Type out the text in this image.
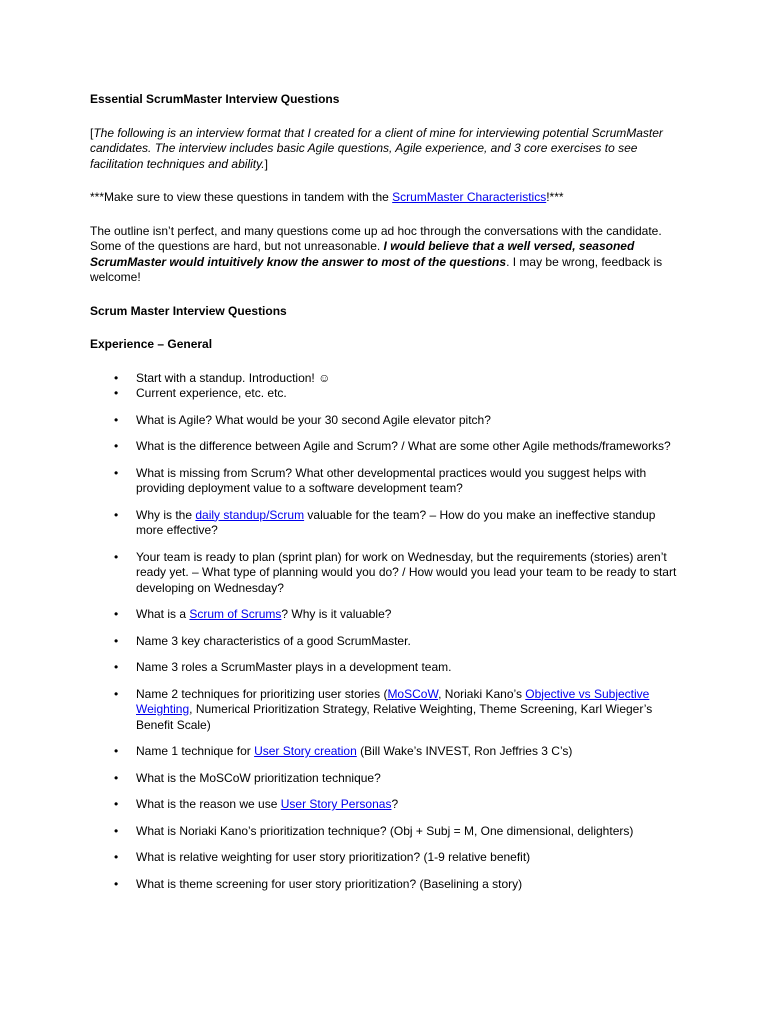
Essential ScrumMaster Interview Questions

[The following is an interview format that I created for a client of mine for interviewing potential ScrumMaster candidates. The interview includes basic Agile questions, Agile experience, and 3 core exercises to see facilitation techniques and ability.]

***Make sure to view these questions in tandem with the ScrumMaster Characteristics!***

The outline isn’t perfect, and many questions come up ad hoc through the conversations with the candidate. Some of the questions are hard, but not unreasonable. I would believe that a well versed, seasoned ScrumMaster would intuitively know the answer to most of the questions. I may be wrong, feedback is welcome!

Scrum Master Interview Questions

Experience – General

• Start with a standup. Introduction! ☺
• Current experience, etc. etc.
• What is Agile? What would be your 30 second Agile elevator pitch?
• What is the difference between Agile and Scrum? / What are some other Agile methods/frameworks?
• What is missing from Scrum? What other developmental practices would you suggest helps with providing deployment value to a software development team?
• Why is the daily standup/Scrum valuable for the team? – How do you make an ineffective standup more effective?
• Your team is ready to plan (sprint plan) for work on Wednesday, but the requirements (stories) aren’t ready yet. – What type of planning would you do? / How would you lead your team to be ready to start developing on Wednesday?
• What is a Scrum of Scrums? Why is it valuable?
• Name 3 key characteristics of a good ScrumMaster.
• Name 3 roles a ScrumMaster plays in a development team.
• Name 2 techniques for prioritizing user stories (MoSCoW, Noriaki Kano’s Objective vs Subjective Weighting, Numerical Prioritization Strategy, Relative Weighting, Theme Screening, Karl Wieger’s Benefit Scale)
• Name 1 technique for User Story creation (Bill Wake’s INVEST, Ron Jeffries 3 C’s)
• What is the MoSCoW prioritization technique?
• What is the reason we use User Story Personas?
• What is Noriaki Kano’s prioritization technique? (Obj + Subj = M, One dimensional, delighters)
• What is relative weighting for user story prioritization? (1-9 relative benefit)
• What is theme screening for user story prioritization? (Baselining a story)
